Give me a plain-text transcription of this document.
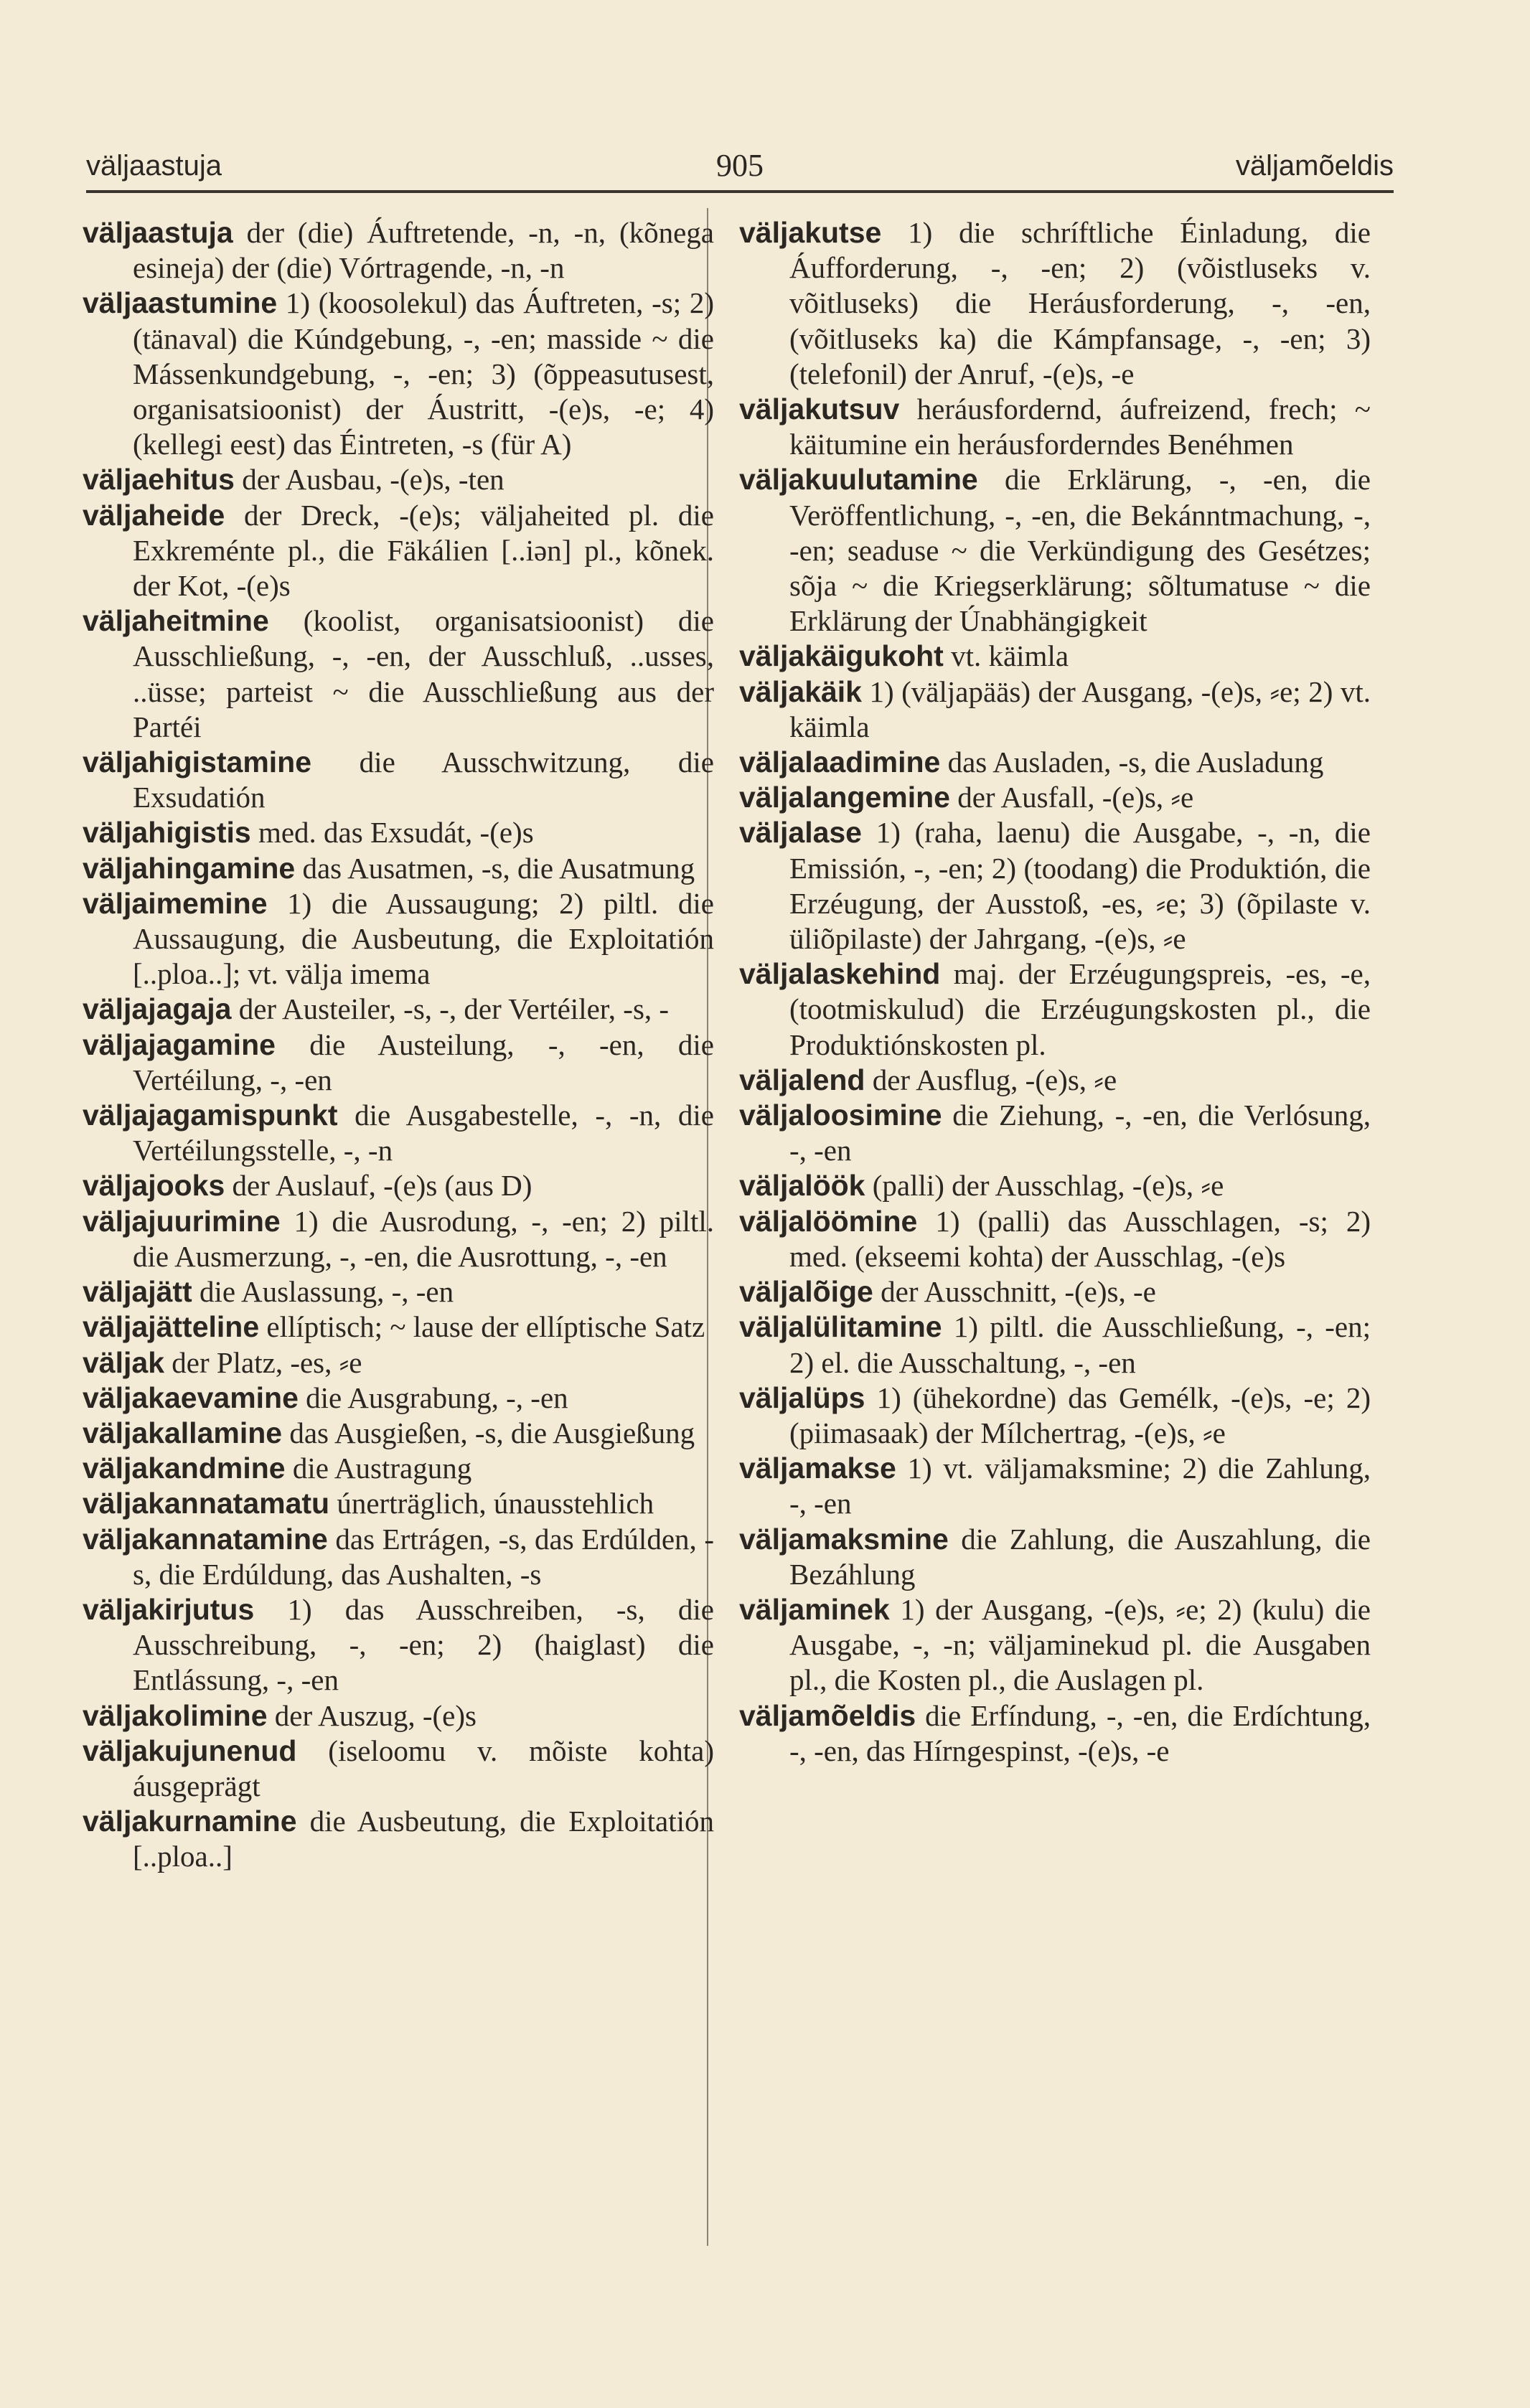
väljaastuja	905	väljamõeldis

väljaastuja der (die) Áuftretende, -n, -n, (kõnega esineja) der (die) Vórtragende, -n, -n

väljaastumine 1) (koosolekul) das Áuftreten, -s; 2) (tänaval) die Kúndgebung, -, -en; masside ~ die Mássenkundgebung, -, -en; 3) (õppeasutusest, organisatsioonist) der Áustritt, -(e)s, -e; 4) (kellegi eest) das Éintreten, -s (für A)

väljaehitus der Ausbau, -(e)s, -ten

väljaheide der Dreck, -(e)s; väljaheited pl. die Exkreménte pl., die Fäkálien [..iən] pl., kõnek. der Kot, -(e)s

väljaheitmine (koolist, organisatsioonist) die Ausschließung, -, -en, der Ausschluß, ..usses, ..üsse; parteist ~ die Ausschließung aus der Partéi

väljahigistamine die Ausschwitzung, die Exsudatión

väljahigistis med. das Exsudát, -(e)s

väljahingamine das Ausatmen, -s, die Ausatmung

väljaimemine 1) die Aussaugung; 2) piltl. die Aussaugung, die Ausbeutung, die Exploitatión [..ploa..]; vt. välja imema

väljajagaja der Austeiler, -s, -, der Vertéiler, -s, -

väljajagamine die Austeilung, -, -en, die Vertéilung, -, -en

väljajagamispunkt die Ausgabestelle, -, -n, die Vertéilungsstelle, -, -n

väljajooks der Auslauf, -(e)s (aus D)

väljajuurimine 1) die Ausrodung, -, -en; 2) piltl. die Ausmerzung, -, -en, die Ausrottung, -, -en

väljajätt die Auslassung, -, -en

väljajätteline ellíptisch; ~ lause der ellíptische Satz

väljak der Platz, -es, ⸗e

väljakaevamine die Ausgrabung, -, -en

väljakallamine das Ausgießen, -s, die Ausgießung

väljakandmine die Austragung

väljakannatamatu únerträglich, únausstehlich

väljakannatamine das Ertrágen, -s, das Erdúlden, -s, die Erdúldung, das Aushalten, -s

väljakirjutus 1) das Ausschreiben, -s, die Ausschreibung, -, -en; 2) (haiglast) die Entlássung, -, -en

väljakolimine der Auszug, -(e)s

väljakujunenud (iseloomu v. mõiste kohta) áusgeprägt

väljakurnamine die Ausbeutung, die Exploitatión [..ploa..]

väljakutse 1) die schríftliche Éinladung, die Áufforderung, -, -en; 2) (võistluseks v. võitluseks) die Heráusforderung, -, -en, (võitluseks ka) die Kámpfansage, -, -en; 3) (telefonil) der Anruf, -(e)s, -e

väljakutsuv heráusfordernd, áufreizend, frech; ~ käitumine ein heráusforderndes Benéhmen

väljakuulutamine die Erklärung, -, -en, die Veröffentlichung, -, -en, die Bekánntmachung, -, -en; seaduse ~ die Verkündigung des Gesétzes; sõja ~ die Kriegserklärung; sõltumatuse ~ die Erklärung der Únabhängigkeit

väljakäigukoht vt. käimla

väljakäik 1) (väljapääs) der Ausgang, -(e)s, ⸗e; 2) vt. käimla

väljalaadimine das Ausladen, -s, die Ausladung

väljalangemine der Ausfall, -(e)s, ⸗e

väljalase 1) (raha, laenu) die Ausgabe, -, -n, die Emissión, -, -en; 2) (toodang) die Produktión, die Erzéugung, der Ausstoß, -es, ⸗e; 3) (õpilaste v. üliõpilaste) der Jahrgang, -(e)s, ⸗e

väljalaskehind maj. der Erzéugungspreis, -es, -e, (tootmiskulud) die Erzéugungskosten pl., die Produktiónskosten pl.

väljalend der Ausflug, -(e)s, ⸗e

väljaloosimine die Ziehung, -, -en, die Verlósung, -, -en

väljalöök (palli) der Ausschlag, -(e)s, ⸗e

väljalöömine 1) (palli) das Ausschlagen, -s; 2) med. (ekseemi kohta) der Ausschlag, -(e)s

väljalõige der Ausschnitt, -(e)s, -e

väljalülitamine 1) piltl. die Ausschließung, -, -en; 2) el. die Ausschaltung, -, -en

väljalüps 1) (ühekordne) das Gemélk, -(e)s, -e; 2) (piimasaak) der Mílchertrag, -(e)s, ⸗e

väljamakse 1) vt. väljamaksmine; 2) die Zahlung, -, -en

väljamaksmine die Zahlung, die Auszahlung, die Bezáhlung

väljaminek 1) der Ausgang, -(e)s, ⸗e; 2) (kulu) die Ausgabe, -, -n; väljaminekud pl. die Ausgaben pl., die Kosten pl., die Auslagen pl.

väljamõeldis die Erfíndung, -, -en, die Erdíchtung, -, -en, das Hírngespinst, -(e)s, -e
